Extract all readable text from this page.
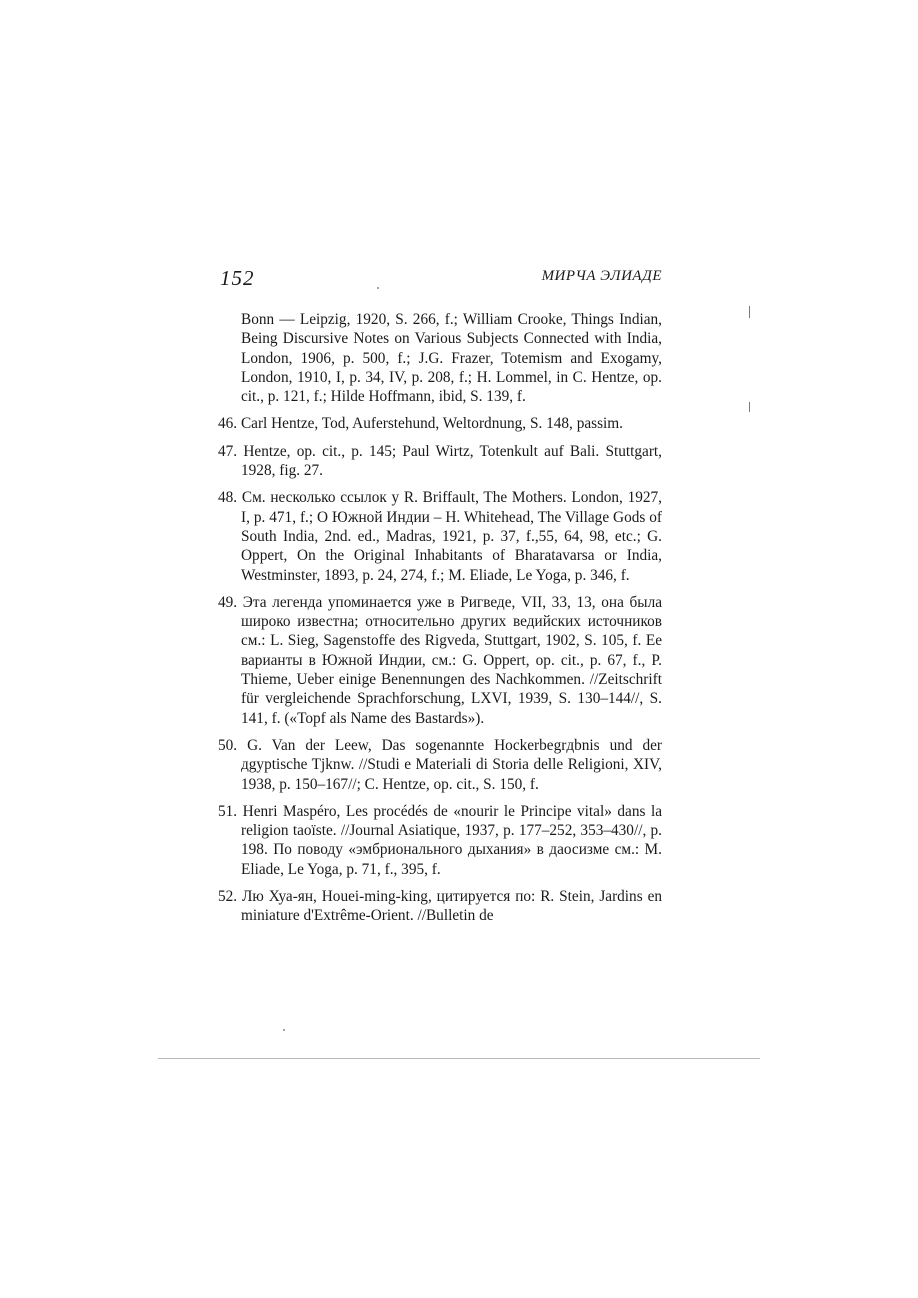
152	МИРЧА ЭЛИАДЕ

Bonn — Leipzig, 1920, S. 266, f.; William Crooke, Things Indian, Being Discursive Notes on Various Subjects Connected with India, London, 1906, p. 500, f.; J.G. Frazer, Totemism and Exogamy, London, 1910, I, p. 34, IV, p. 208, f.; H. Lommel, in C. Hentze, op. cit., p. 121, f.; Hilde Hoffmann, ibid, S. 139, f.

46. Carl Hentze, Tod, Auferstehund, Weltordnung, S. 148, passim.

47. Hentze, op. cit., p. 145; Paul Wirtz, Totenkult auf Bali. Stuttgart, 1928, fig. 27.

48. См. несколько ссылок у R. Briffault, The Mothers. London, 1927, I, p. 471, f.; О Южной Индии – H. Whitehead, The Village Gods of South India, 2nd. ed., Madras, 1921, p. 37, f.,55, 64, 98, etc.; G. Oppert, On the Original Inhabitants of Bharatavarsa or India, Westminster, 1893, p. 24, 274, f.; M. Eliade, Le Yoga, p. 346, f.

49. Эта легенда упоминается уже в Ригведе, VII, 33, 13, она была широко известна; относительно других ведийских источников см.: L. Sieg, Sagenstoffe des Rigveda, Stuttgart, 1902, S. 105, f. Ее варианты в Южной Индии, см.: G. Oppert, op. cit., p. 67, f., P. Thieme, Ueber einige Benennungen des Nachkommen. //Zeitschrift für vergleichende Sprachforschung, LXVI, 1939, S. 130–144//, S. 141, f. («Topf als Name des Bastards»).

50. G. Van der Leew, Das sogenannte Hockerbegrдbnis und der дgyptische Tjknw. //Studi e Materiali di Storia delle Religioni, XIV, 1938, p. 150–167//; C. Hentze, op. cit., S. 150, f.

51. Henri Maspéro, Les procédés de «nourir le Principe vital» dans la religion taoïste. //Journal Asiatique, 1937, p. 177–252, 353–430//, p. 198. По поводу «эмбрионального дыхания» в даосизме см.: M. Eliade, Le Yoga, p. 71, f., 395, f.

52. Лю Хуа-ян, Houei-ming-king, цитируется по: R. Stein, Jardins en miniature d'Extrême-Orient. //Bulletin de
